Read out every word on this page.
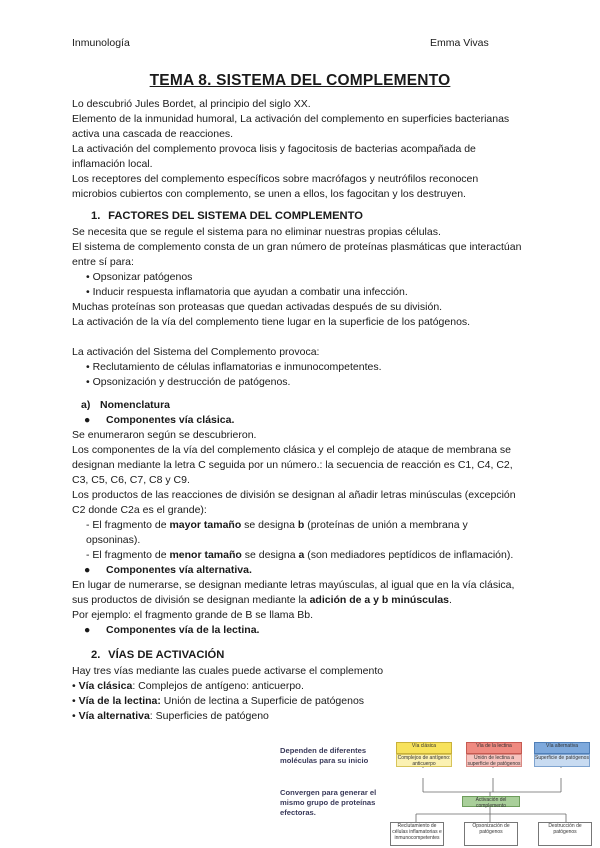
Inmunología	Emma Vivas
TEMA 8. SISTEMA DEL COMPLEMENTO

Lo descubrió Jules Bordet, al principio del siglo XX.

Elemento de la inmunidad humoral, La activación del complemento en superficies bacterianas activa una cascada de reacciones.

La activación del complemento provoca lisis y fagocitosis de bacterias acompañada de inflamación local.

Los receptores del complemento específicos sobre macrófagos y neutrófilos reconocen microbios cubiertos con complemento, se unen a ellos, los fagocitan y los destruyen.

1. FACTORES DEL SISTEMA DEL COMPLEMENTO

Se necesita que se regule el sistema para no eliminar nuestras propias células.

El sistema de complemento consta de un gran número de proteínas plasmáticas que interactúan entre sí para:

• Opsonizar patógenos

• Inducir respuesta inflamatoria que ayudan a combatir una infección.

Muchas proteínas son proteasas que quedan activadas después de su división.

La activación de la vía del complemento tiene lugar en la superficie de los patógenos.

La activación del Sistema del Complemento provoca:

• Reclutamiento de células inflamatorias e inmunocompetentes.

• Opsonización y destrucción de patógenos.

a) Nomenclatura
● Componentes vía clásica.

Se enumeraron según se descubrieron.

Los componentes de la vía del complemento clásica y el complejo de ataque de membrana se designan mediante la letra C seguida por un número.: la secuencia de reacción es C1, C4, C2, C3, C5, C6, C7, C8 y C9.

Los productos de las reacciones de división se designan al añadir letras minúsculas (excepción C2 donde C2a es el grande):

- El fragmento de mayor tamaño se designa b (proteínas de unión a membrana y opsoninas).

- El fragmento de menor tamaño se designa a (son mediadores peptídicos de inflamación).

● Componentes vía alternativa.

En lugar de numerarse, se designan mediante letras mayúsculas, al igual que en la vía clásica, sus productos de división se designan mediante la adición de a y b minúsculas.

Por ejemplo: el fragmento grande de B se llama Bb.

● Componentes vía de la lectina.
2. VÍAS DE ACTIVACIÓN

Hay tres vías mediante las cuales puede activarse el complemento

• Vía clásica: Complejos de antígeno: anticuerpo.

• Vía de la lectina: Unión de lectina a Superficie de patógenos

• Vía alternativa: Superficies de patógeno

Dependen de diferentes moléculas para su inicio
Convergen para generar el mismo grupo de proteínas efectoras.
Vía clásica	Vía de la lectina	Vía alternativa
Complejos de antígeno: anticuerpo
Unión de lectina a superficie de patógenos
Superficie de patógenos
Activación del complemento
Reclutamiento de células inflamatorias e inmunocompetentes
Opsonización de patógenos
Destrucción de patógenos
